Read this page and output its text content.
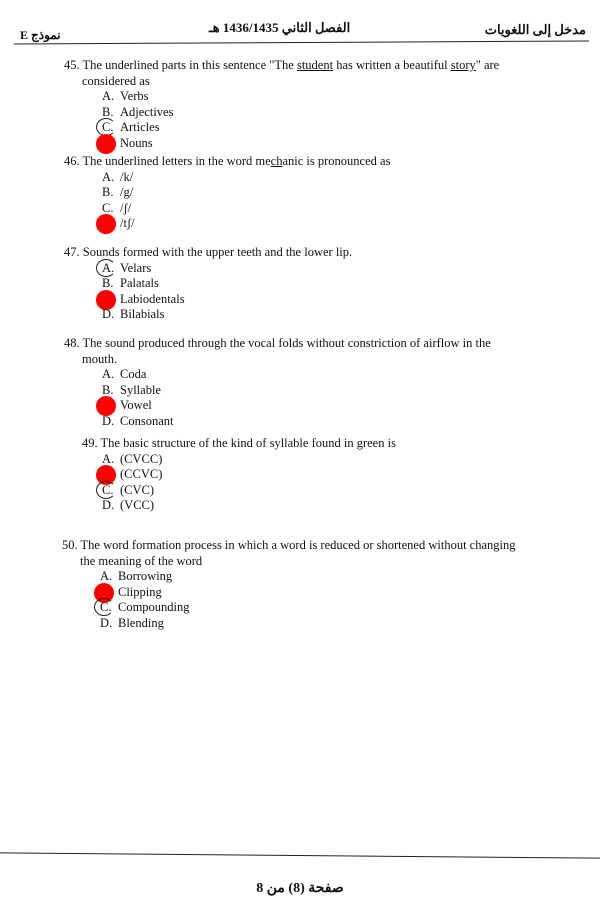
مدخل إلى اللغويات
الفصل الثاني 1436/1435 هـ
نموذج E

45. The underlined parts in this sentence "The student has written a beautiful story" are
considered as

A. Verbs
B. Adjectives
C. Articles
Nouns

46. The underlined letters in the word mechanic is pronounced as

A. /k/
B. /g/
C. /ʃ/
/tʃ/

47. Sounds formed with the upper teeth and the lower lip.

A. Velars
B. Palatals
Labiodentals
D. Bilabials

48. The sound produced through the vocal folds without constriction of airflow in the
mouth.

A. Coda
B. Syllable
Vowel
D. Consonant

49. The basic structure of the kind of syllable found in green is

A. (CVCC)
(CCVC)
C. (CVC)
D. (VCC)

50. The word formation process in which a word is reduced or shortened without changing
the meaning of the word

A. Borrowing
Clipping
C. Compounding
D. Blending
صفحة (8) من 8
